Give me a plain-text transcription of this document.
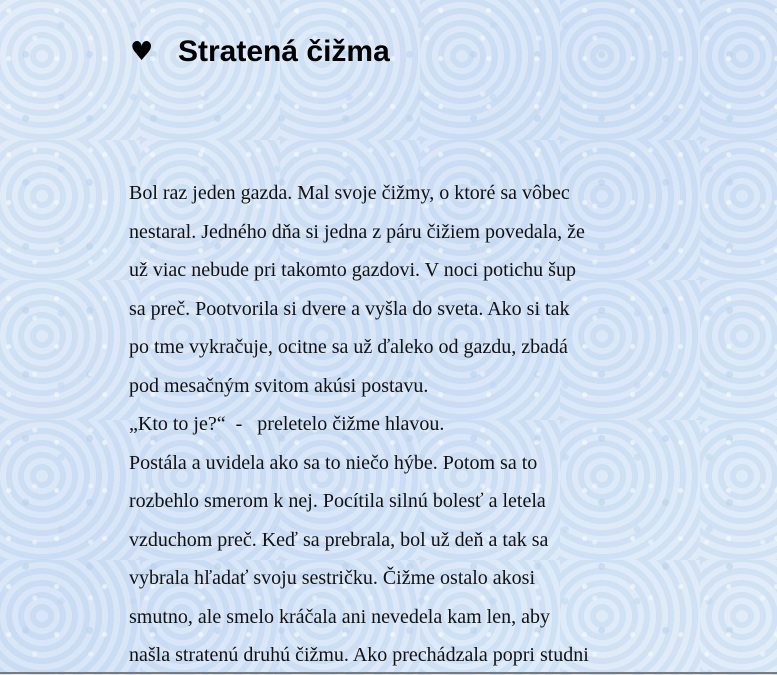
♥ Stratená čižma
Bol raz jeden gazda. Mal svoje čižmy, o ktoré sa vôbec
nestaral. Jedného dňa si jedna z páru čižiem povedala, že
už viac nebude pri takomto gazdovi. V noci potichu šup
sa preč. Pootvorila si dvere a vyšla do sveta. Ako si tak
po tme vykračuje, ocitne sa už ďaleko od gazdu, zbadá
pod mesačným svitom akúsi postavu.
„Kto to je?“  -   preletelo čižme hlavou.
Postála a uvidela ako sa to niečo hýbe. Potom sa to
rozbehlo smerom k nej. Pocítila silnú bolesť a letela
vzduchom preč. Keď sa prebrala, bol už deň a tak sa
vybrala hľadať svoju sestričku. Čižme ostalo akosi
smutno, ale smelo kráčala ani nevedela kam len, aby
našla stratenú druhú čižmu. Ako prechádzala popri studni
